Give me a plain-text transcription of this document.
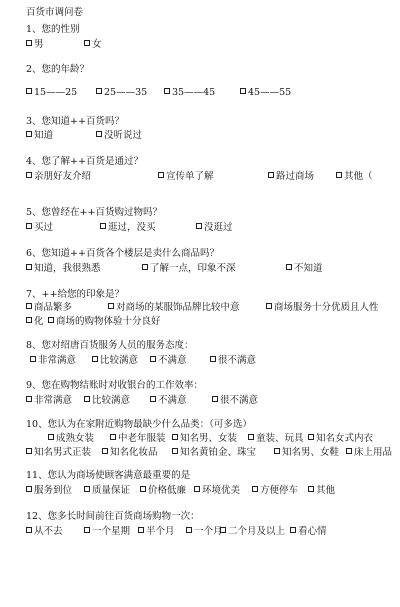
百货市调问卷
1、您的性别
男	女
2、您的年龄？
15——25	25——35	35——45	45——55
3、您知道++百货吗？
知道	没听说过
4、您了解++百货是通过？
亲朋好友介绍	宣传单了解	路过商场	其他（
5、您曾经在++百货购过物吗？
买过	逛过，没买	没逛过
6、您知道++百货各个楼层是卖什么商品吗？
知道，我很熟悉	了解一点，印象不深	不知道
7、++给您的印象是？
商品繁多	对商场的某服饰品牌比较中意	商场服务十分优质且人性
化	商场的购物体验十分良好
8、您对绍唐百货服务人员的服务态度：
非常满意	比较满意	不满意	很不满意
9、您在购物结账时对收银台的工作效率：
非常满意	比较满意	不满意	很不满意
10、您认为在家附近购物最缺少什么品类：（可多选）
成熟女装	中老年服装	知名男、女装	童装、玩具	知名女式内衣
知名男式正装	知名化妆品	知名黄铂金、珠宝	知名男、女鞋	床上用品
11、您认为商场使顾客满意最重要的是
服务到位	质量保证	价格低廉	环境优美	方便停车	其他
12、您多长时间前往百货商场购物一次：
从不去	一个星期	半个月	一个月 二个月及以上	看心情
